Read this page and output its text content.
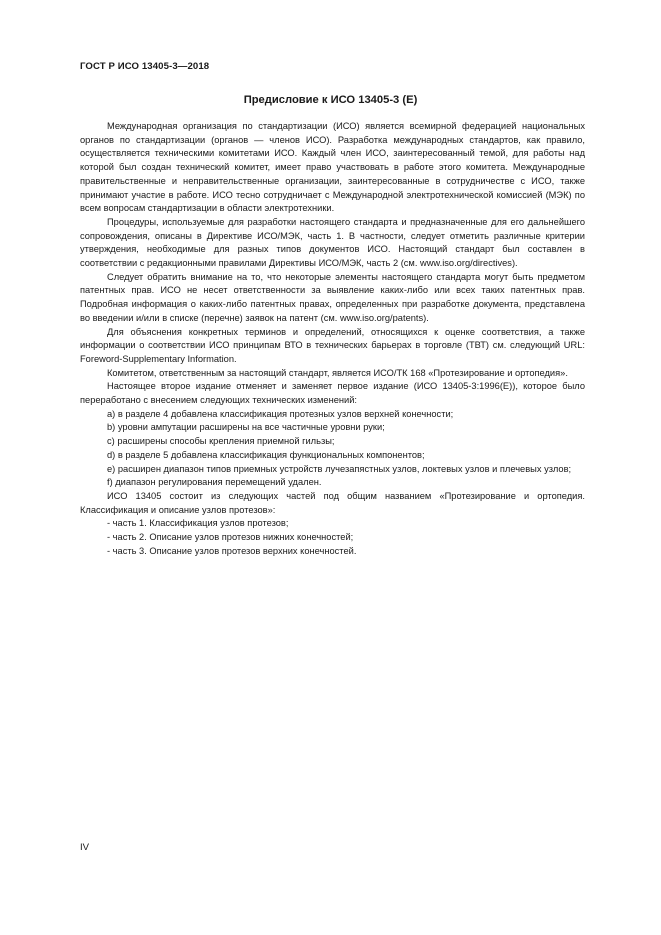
ГОСТ Р ИСО 13405-3—2018
Предисловие к ИСО 13405-3 (E)

Международная организация по стандартизации (ИСО) является всемирной федерацией национальных органов по стандартизации (органов — членов ИСО). Разработка международных стандартов, как правило, осуществляется техническими комитетами ИСО. Каждый член ИСО, заинтересованный темой, для работы над которой был создан технический комитет, имеет право участвовать в работе этого комитета. Международные правительственные и неправительственные организации, заинтересованные в сотрудничестве с ИСО, также принимают участие в работе. ИСО тесно сотрудничает с Международной электротехнической комиссией (МЭК) по всем вопросам стандартизации в области электротехники.

Процедуры, используемые для разработки настоящего стандарта и предназначенные для его дальнейшего сопровождения, описаны в Директиве ИСО/МЭК, часть 1. В частности, следует отметить различные критерии утверждения, необходимые для разных типов документов ИСО. Настоящий стандарт был составлен в соответствии с редакционными правилами Директивы ИСО/МЭК, часть 2 (см. www.iso.org/directives).

Следует обратить внимание на то, что некоторые элементы настоящего стандарта могут быть предметом патентных прав. ИСО не несет ответственности за выявление каких-либо или всех таких патентных прав. Подробная информация о каких-либо патентных правах, определенных при разработке документа, представлена во введении и/или в списке (перечне) заявок на патент (см. www.iso.org/patents).

Для объяснения конкретных терминов и определений, относящихся к оценке соответствия, а также информации о соответствии ИСО принципам ВТО в технических барьерах в торговле (ТВТ) см. следующий URL: Foreword-Supplementary Information.

Комитетом, ответственным за настоящий стандарт, является ИСО/ТК 168 «Протезирование и ортопедия».

Настоящее второе издание отменяет и заменяет первое издание (ИСО 13405-3:1996(E)), которое было переработано с внесением следующих технических изменений:

a) в разделе 4 добавлена классификация протезных узлов верхней конечности;

b) уровни ампутации расширены на все частичные уровни руки;

c) расширены способы крепления приемной гильзы;

d) в разделе 5 добавлена классификация функциональных компонентов;

e) расширен диапазон типов приемных устройств лучезапястных узлов, локтевых узлов и плечевых узлов;

f) диапазон регулирования перемещений удален.

ИСО 13405 состоит из следующих частей под общим названием «Протезирование и ортопедия. Классификация и описание узлов протезов»:

- часть 1. Классификация узлов протезов;

- часть 2. Описание узлов протезов нижних конечностей;

- часть 3. Описание узлов протезов верхних конечностей.

IV
